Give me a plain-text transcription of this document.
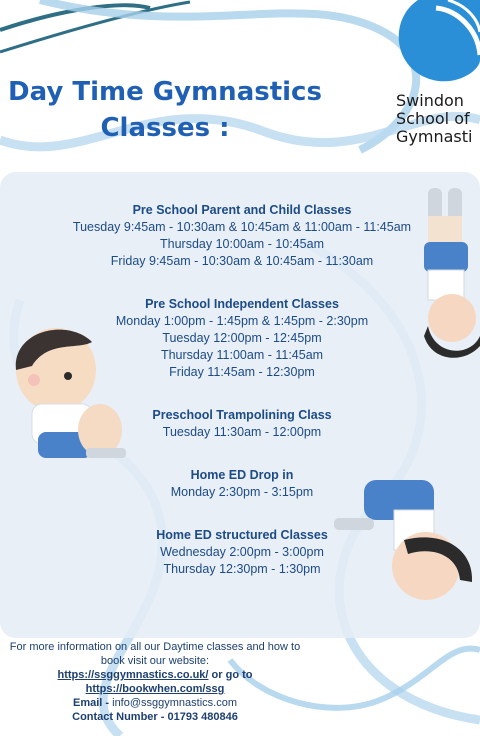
Swindon
School of
Gymnasti
Day Time Gymnastics
Classes :
Pre School Parent and Child Classes
Tuesday 9:45am - 10:30am & 10:45am & 11:00am - 11:45am
Thursday 10:00am - 10:45am
Friday 9:45am - 10:30am & 10:45am - 11:30am
Pre School Independent Classes
Monday 1:00pm - 1:45pm & 1:45pm - 2:30pm
Tuesday 12:00pm - 12:45pm
Thursday 11:00am - 11:45am
Friday 11:45am - 12:30pm
Preschool Trampolining Class
Tuesday 11:30am - 12:00pm
Home ED Drop in
Monday 2:30pm - 3:15pm
Home ED structured Classes
Wednesday 2:00pm - 3:00pm
Thursday 12:30pm - 1:30pm
For more information on all our Daytime classes and how to
book visit our website:
https://ssggymnastics.co.uk/ or go to
https://bookwhen.com/ssg
Email - info@ssggymnastics.com
Contact Number - 01793 480846
